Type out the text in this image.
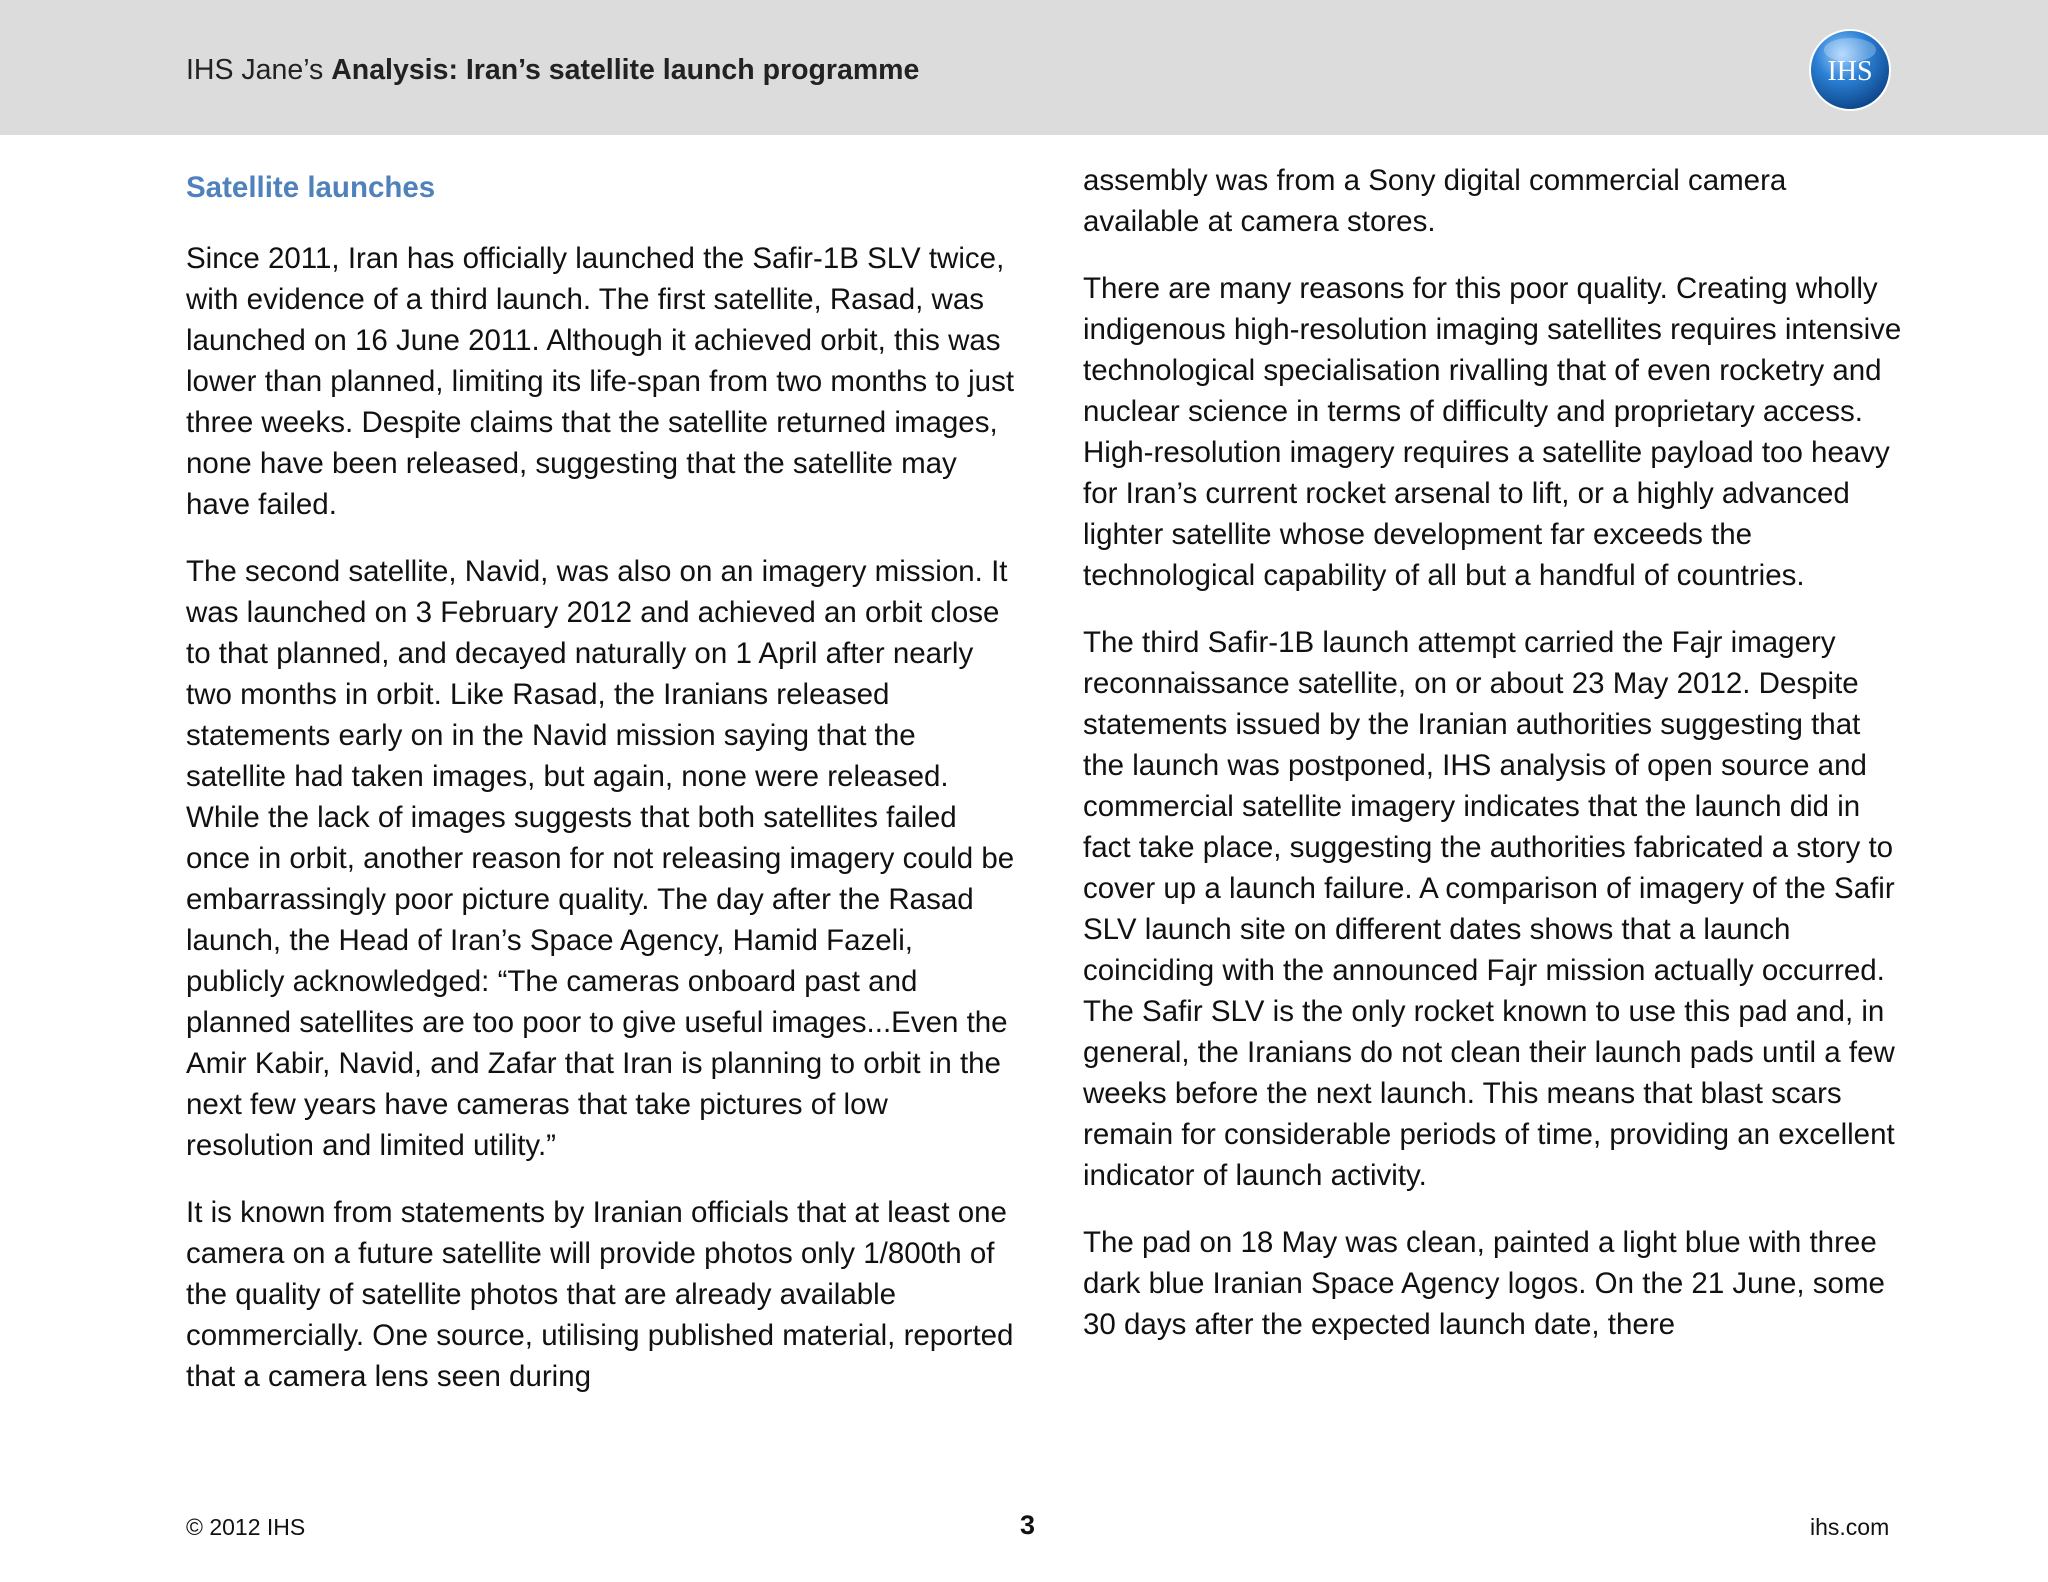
IHS Jane’s Analysis: Iran’s satellite launch programme	IHS
Satellite launches

Since 2011, Iran has officially launched the Safir-1B SLV twice, with evidence of a third launch. The first satellite, Rasad, was launched on 16 June 2011. Although it achieved orbit, this was lower than planned, limiting its life-span from two months to just three weeks. Despite claims that the satellite returned images, none have been released, suggesting that the satellite may have failed.

The second satellite, Navid, was also on an imagery mission. It was launched on 3 February 2012 and achieved an orbit close to that planned, and decayed naturally on 1 April after nearly two months in orbit. Like Rasad, the Iranians released statements early on in the Navid mission saying that the satellite had taken images, but again, none were released. While the lack of images suggests that both satellites failed once in orbit, another reason for not releasing imagery could be embarrassingly poor picture quality. The day after the Rasad launch, the Head of Iran’s Space Agency, Hamid Fazeli, publicly acknowledged: “The cameras onboard past and planned satellites are too poor to give useful images...Even the Amir Kabir, Navid, and Zafar that Iran is planning to orbit in the next few years have cameras that take pictures of low resolution and limited utility.”

It is known from statements by Iranian officials that at least one camera on a future satellite will provide photos only 1/800th of the quality of satellite photos that are already available commercially. One source, utilising published material, reported that a camera lens seen during

assembly was from a Sony digital commercial camera available at camera stores.

There are many reasons for this poor quality. Creating wholly indigenous high-resolution imaging satellites requires intensive technological specialisation rivalling that of even rocketry and nuclear science in terms of difficulty and proprietary access. High-resolution imagery requires a satellite payload too heavy for Iran’s current rocket arsenal to lift, or a highly advanced lighter satellite whose development far exceeds the technological capability of all but a handful of countries.

The third Safir-1B launch attempt carried the Fajr imagery reconnaissance satellite, on or about 23 May 2012. Despite statements issued by the Iranian authorities suggesting that the launch was postponed, IHS analysis of open source and commercial satellite imagery indicates that the launch did in fact take place, suggesting the authorities fabricated a story to cover up a launch failure. A comparison of imagery of the Safir SLV launch site on different dates shows that a launch coinciding with the announced Fajr mission actually occurred. The Safir SLV is the only rocket known to use this pad and, in general, the Iranians do not clean their launch pads until a few weeks before the next launch. This means that blast scars remain for considerable periods of time, providing an excellent indicator of launch activity.

The pad on 18 May was clean, painted a light blue with three dark blue Iranian Space Agency logos. On the 21 June, some 30 days after the expected launch date, there

© 2012 IHS	3	ihs.com
